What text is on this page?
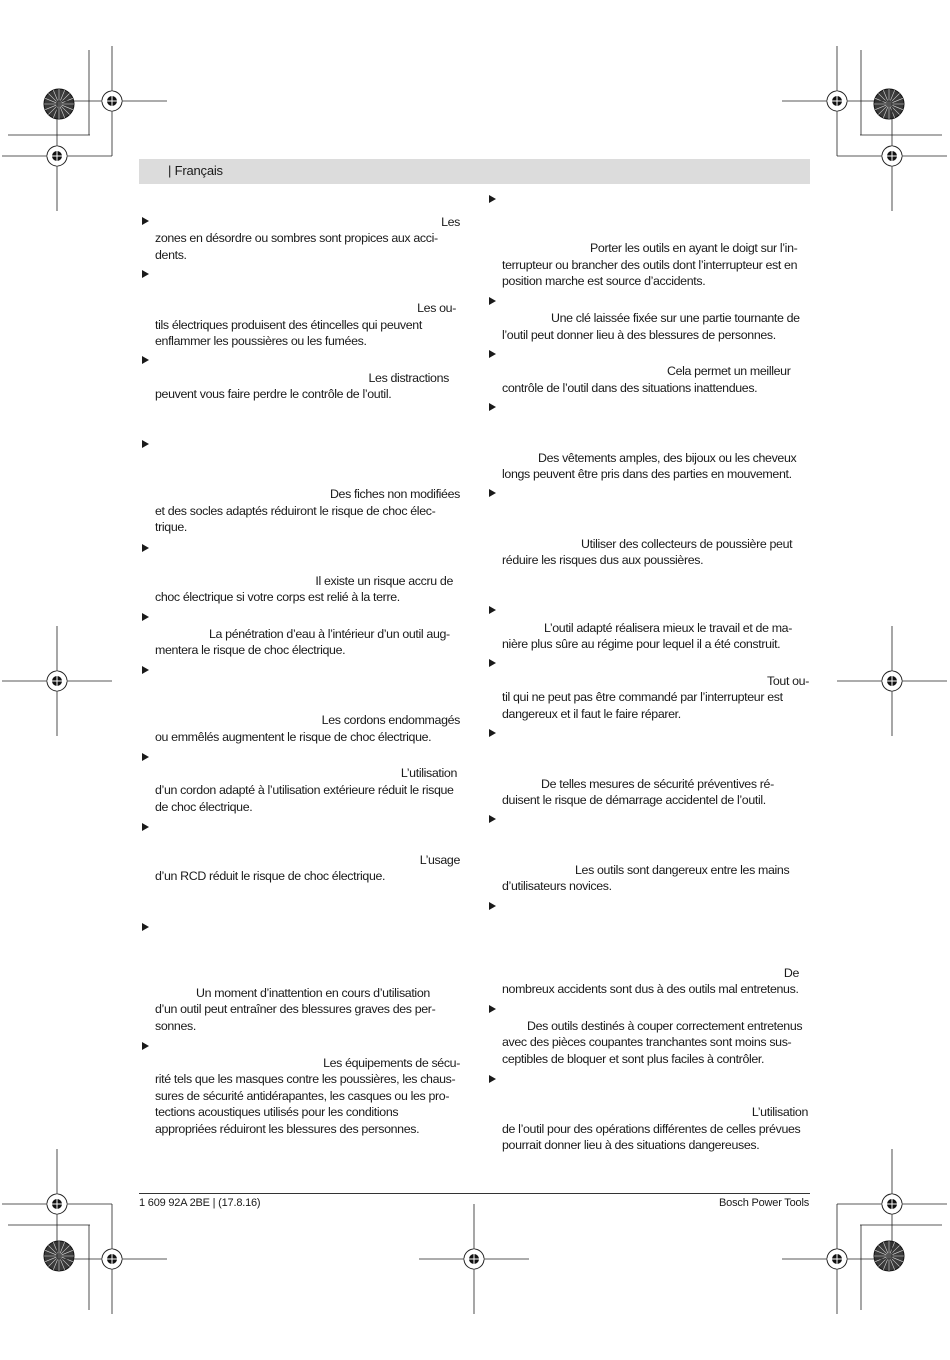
| Français
Les
zones en désordre ou sombres sont propices aux acci-
dents.
Les ou-
tils électriques produisent des étincelles qui peuvent
enflammer les poussières ou les fumées.
Les distractions
peuvent vous faire perdre le contrôle de l’outil.
Des fiches non modifiées
et des socles adaptés réduiront le risque de choc élec-
trique.
Il existe un risque accru de
choc électrique si votre corps est relié à la terre.
La pénétration d’eau à l’intérieur d’un outil aug-
mentera le risque de choc électrique.
Les cordons endommagés
ou emmêlés augmentent le risque de choc électrique.
L’utilisation
d’un cordon adapté à l’utilisation extérieure réduit le risque
de choc électrique.
L’usage
d’un RCD réduit le risque de choc électrique.
Un moment d’inattention en cours d’utilisation
d’un outil peut entraîner des blessures graves des per-
sonnes.
Les équipements de sécu-
rité tels que les masques contre les poussières, les chaus-
sures de sécurité antidérapantes, les casques ou les pro-
tections acoustiques utilisés pour les conditions
appropriées réduiront les blessures des personnes.
Porter les outils en ayant le doigt sur l’in-
terrupteur ou brancher des outils dont l’interrupteur est en
position marche est source d’accidents.
Une clé laissée fixée sur une partie tournante de
l’outil peut donner lieu à des blessures de personnes.
Cela permet un meilleur
contrôle de l’outil dans des situations inattendues.
Des vêtements amples, des bijoux ou les cheveux
longs peuvent être pris dans des parties en mouvement.
Utiliser des collecteurs de poussière peut
réduire les risques dus aux poussières.
L’outil adapté réalisera mieux le travail et de ma-
nière plus sûre au régime pour lequel il a été construit.
Tout ou-
til qui ne peut pas être commandé par l’interrupteur est
dangereux et il faut le faire réparer.
De telles mesures de sécurité préventives ré-
duisent le risque de démarrage accidentel de l’outil.
Les outils sont dangereux entre les mains
d’utilisateurs novices.
De
nombreux accidents sont dus à des outils mal entretenus.
Des outils destinés à couper correctement entretenus
avec des pièces coupantes tranchantes sont moins sus-
ceptibles de bloquer et sont plus faciles à contrôler.
L’utilisation
de l’outil pour des opérations différentes de celles prévues
pourrait donner lieu à des situations dangereuses.
1 609 92A 2BE | (17.8.16)	Bosch Power Tools
